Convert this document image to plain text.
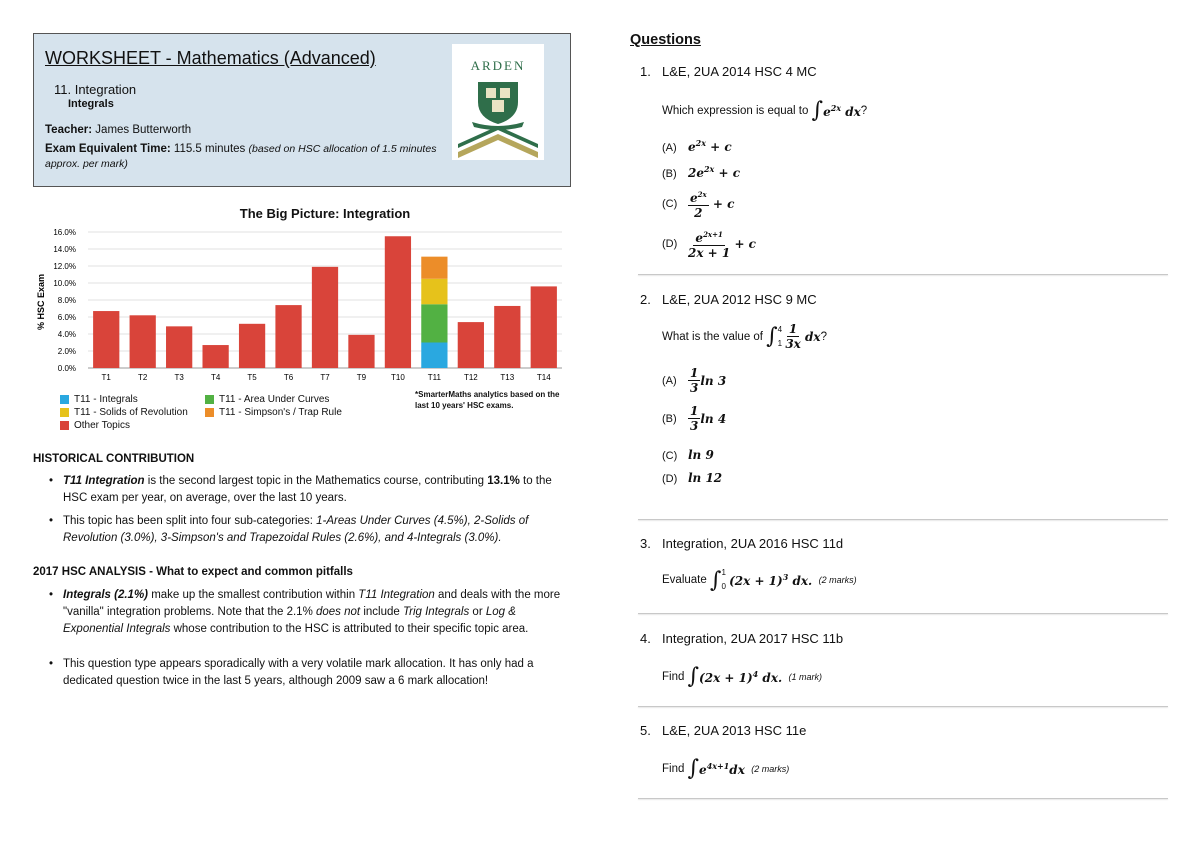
WORKSHEET - Mathematics (Advanced)
11. Integration
Integrals
Teacher: James Butterworth
Exam Equivalent Time: 115.5 minutes (based on HSC allocation of 1.5 minutes approx. per mark)
ARDEN
The Big Picture: Integration
0.0%
2.0%
4.0%
6.0%
8.0%
10.0%
12.0%
14.0%
16.0%
T1	T2	T3	T4	T5	T6	T7	T9	T10	T11	T12	T13	T14
% HSC Exam
T11 - Integrals	T11 - Area Under Curves
T11 - Solids of Revolution	T11 - Simpson's / Trap Rule
Other Topics
*SmarterMaths analytics based on the last 10 years' HSC exams.
HISTORICAL CONTRIBUTION
• T11 Integration is the second largest topic in the Mathematics course, contributing 13.1% to the HSC exam per year, on average, over the last 10 years.
• This topic has been split into four sub-categories: 1-Areas Under Curves (4.5%), 2-Solids of Revolution (3.0%), 3-Simpson's and Trapezoidal Rules (2.6%), and 4-Integrals (3.0%).
2017 HSC ANALYSIS - What to expect and common pitfalls
• Integrals (2.1%) make up the smallest contribution within T11 Integration and deals with the more "vanilla" integration problems. Note that the 2.1% does not include Trig Integrals or Log & Exponential Integrals whose contribution to the HSC is attributed to their specific topic area.
• This question type appears sporadically with a very volatile mark allocation. It has only had a dedicated question twice in the last 5 years, although 2009 saw a 6 mark allocation!
Questions
1. L&E, 2UA 2014 HSC 4 MC
Which expression is equal to
∫ $e^{2x}$ dx ?
(A) $e^{2x} + c$
(B) $2e^{2x} + c$
$(C) \frac{e^{2x}}{2} + c$
$(D) \frac{e^{2x+1}}{2x + 1} + c$
2. L&E, 2UA 2012 HSC 9 MC
What is the value of
∫ 4
1
$\frac{1}{3x}$ dx ?
$(A) \frac{1}{3}$ ln 3
$(B) \frac{1}{3}$ ln 4
(C) ln 9
(D) ln 12
3. Integration, 2UA 2016 HSC 11d
Evaluate
∫ 1
0
$(2x + 1)^3$ dx.
(2 marks)
4. Integration, 2UA 2017 HSC 11b
Find
∫ $(2x + 1)^4$ dx.
(1 mark)
5. L&E, 2UA 2013 HSC 11e
Find
∫ $e^{4x+1}dx$
(2 marks)
